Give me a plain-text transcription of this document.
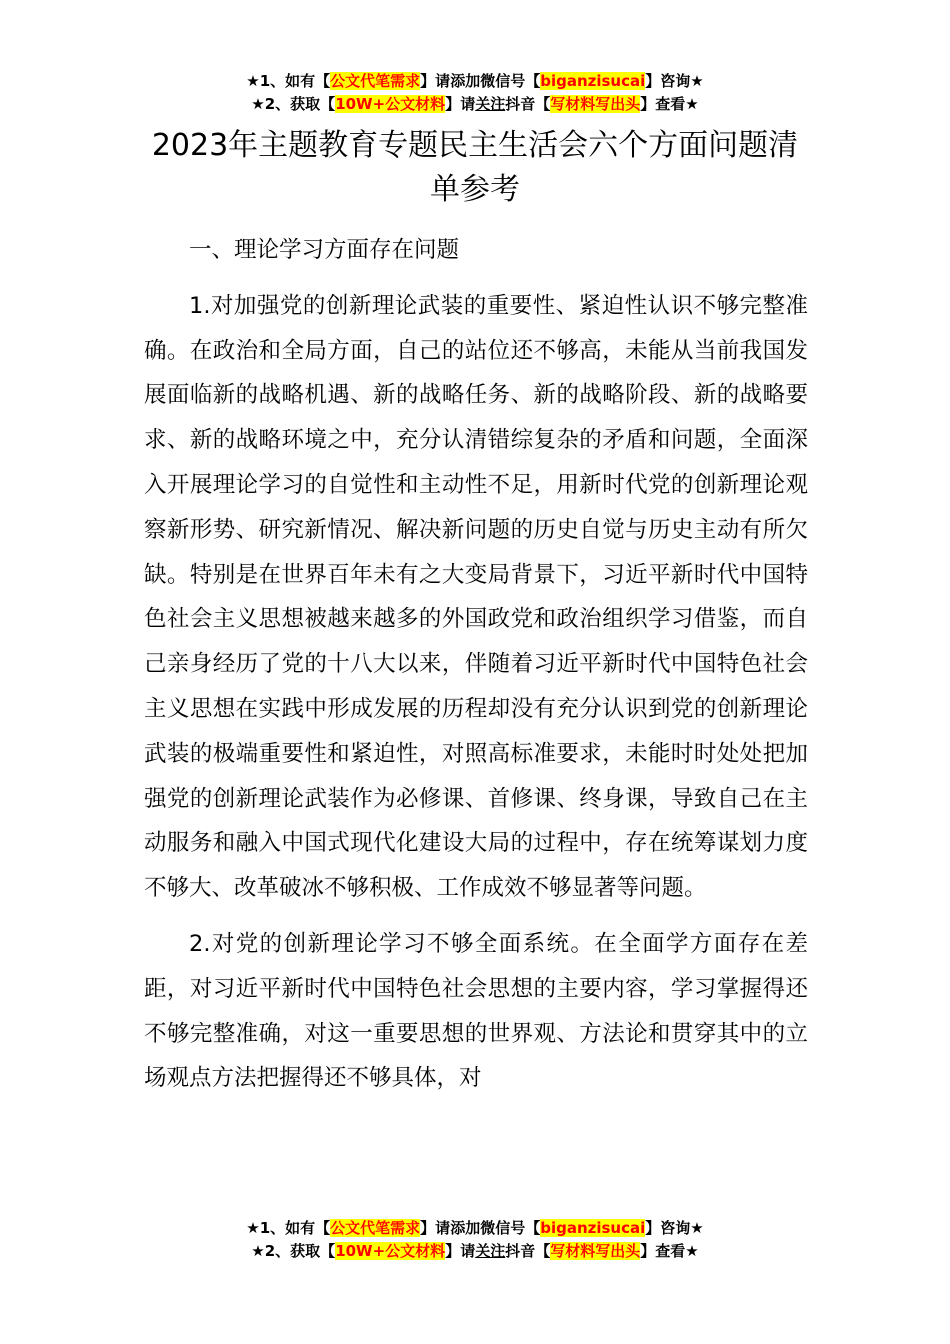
★1、如有【公文代笔需求】请添加微信号【biganzisucai】咨询★
★2、获取【10W+公文材料】请关注抖音【写材料写出头】查看★
2023年主题教育专题民主生活会六个方面问题清单参考

一、理论学习方面存在问题

1.对加强党的创新理论武装的重要性、紧迫性认识不够完整准确。在政治和全局方面，自己的站位还不够高，未能从当前我国发展面临新的战略机遇、新的战略任务、新的战略阶段、新的战略要求、新的战略环境之中，充分认清错综复杂的矛盾和问题，全面深入开展理论学习的自觉性和主动性不足，用新时代党的创新理论观察新形势、研究新情况、解决新问题的历史自觉与历史主动有所欠缺。特别是在世界百年未有之大变局背景下，习近平新时代中国特色社会主义思想被越来越多的外国政党和政治组织学习借鉴，而自己亲身经历了党的十八大以来，伴随着习近平新时代中国特色社会主义思想在实践中形成发展的历程却没有充分认识到党的创新理论武装的极端重要性和紧迫性，对照高标准要求，未能时时处处把加强党的创新理论武装作为必修课、首修课、终身课，导致自己在主动服务和融入中国式现代化建设大局的过程中，存在统筹谋划力度不够大、改革破冰不够积极、工作成效不够显著等问题。

2.对党的创新理论学习不够全面系统。在全面学方面存在差距，对习近平新时代中国特色社会思想的主要内容，学习掌握得还不够完整准确，对这一重要思想的世界观、方法论和贯穿其中的立场观点方法把握得还不够具体，对

★1、如有【公文代笔需求】请添加微信号【biganzisucai】咨询★
★2、获取【10W+公文材料】请关注抖音【写材料写出头】查看★
